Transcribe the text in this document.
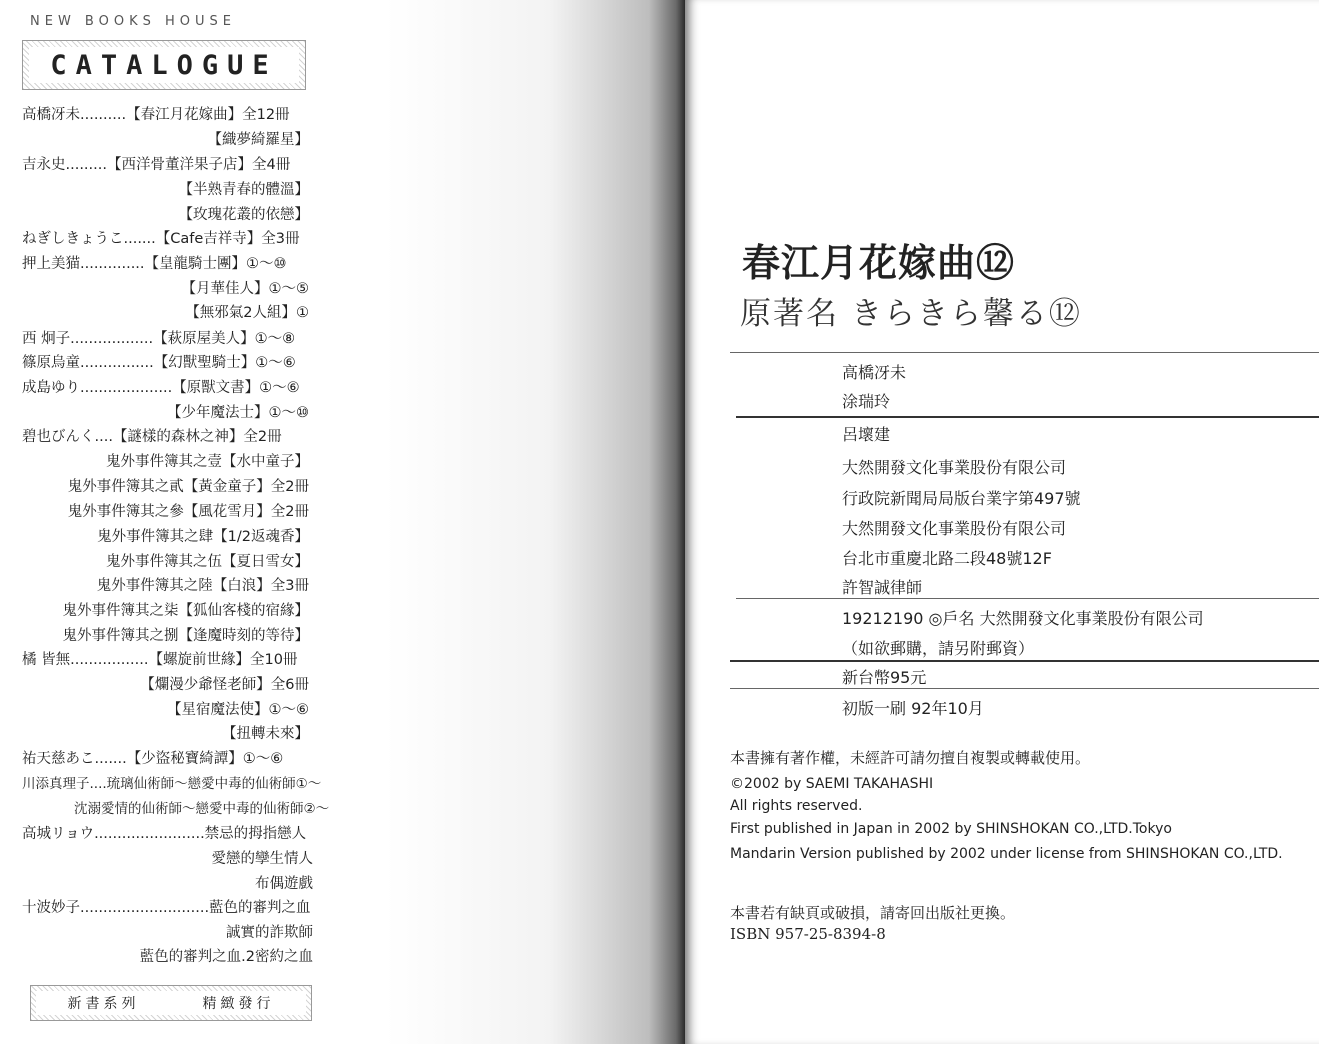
NEW BOOKS HOUSE
CATALOGUE
高橋冴未..........【春江月花嫁曲】全12冊
【織夢綺羅星】
吉永史.........【西洋骨董洋果子店】全4冊
【半熟青春的體溫】
【玫瑰花叢的依戀】
ねぎしきょうこ.......【Cafe吉祥寺】全3冊
押上美猫..............【皇龍騎士團】①～⑩
【月華佳人】①～⑤
【無邪氣2人組】①
西 炯子..................【萩原屋美人】①～⑧
篠原烏童................【幻獸聖騎士】①～⑥
成島ゆり....................【原獸文書】①～⑥
【少年魔法士】①～⑩
碧也びんく....【謎樣的森林之神】全2冊
鬼外事件簿其之壹【水中童子】
鬼外事件簿其之貳【黃金童子】全2冊
鬼外事件簿其之參【風花雪月】全2冊
鬼外事件簿其之肆【1/2返魂香】
鬼外事件簿其之伍【夏日雪女】
鬼外事件簿其之陸【白浪】全3冊
鬼外事件簿其之柒【狐仙客棧的宿緣】
鬼外事件簿其之捌【逢魔時刻的等待】
橘 皆無.................【螺旋前世緣】全10冊
【爛漫少爺怪老師】全6冊
【星宿魔法使】①～⑥
【扭轉未來】
祐天慈あこ.......【少盜秘寶綺譚】①～⑥
川添真理子....琉璃仙術師～戀愛中毒的仙術師①～
沈溺愛情的仙術師～戀愛中毒的仙術師②～
高城リョウ........................禁忌的拇指戀人
愛戀的孿生情人
布偶遊戲
十波妙子............................藍色的審判之血
誠實的詐欺師
藍色的審判之血.2密約之血
新書系列	精緻發行
春江月花嫁曲⑫
原著名 きらきら馨る⑫
高橋冴未
涂瑞玲
呂壞建
大然開發文化事業股份有限公司
行政院新聞局局版台業字第497號
大然開發文化事業股份有限公司
台北市重慶北路二段48號12F
許智誠律師
19212190 ◎戶名 大然開發文化事業股份有限公司
（如欲郵購，請另附郵資）
新台幣95元
初版一刷 92年10月
本書擁有著作權，未經許可請勿擅自複製或轉載使用。
©2002 by SAEMI TAKAHASHI
All rights reserved.
First published in Japan in 2002 by SHINSHOKAN CO.,LTD.Tokyo
Mandarin Version published by 2002 under license from SHINSHOKAN CO.,LTD.
本書若有缺頁或破損，請寄回出版社更換。
ISBN 957-25-8394-8
